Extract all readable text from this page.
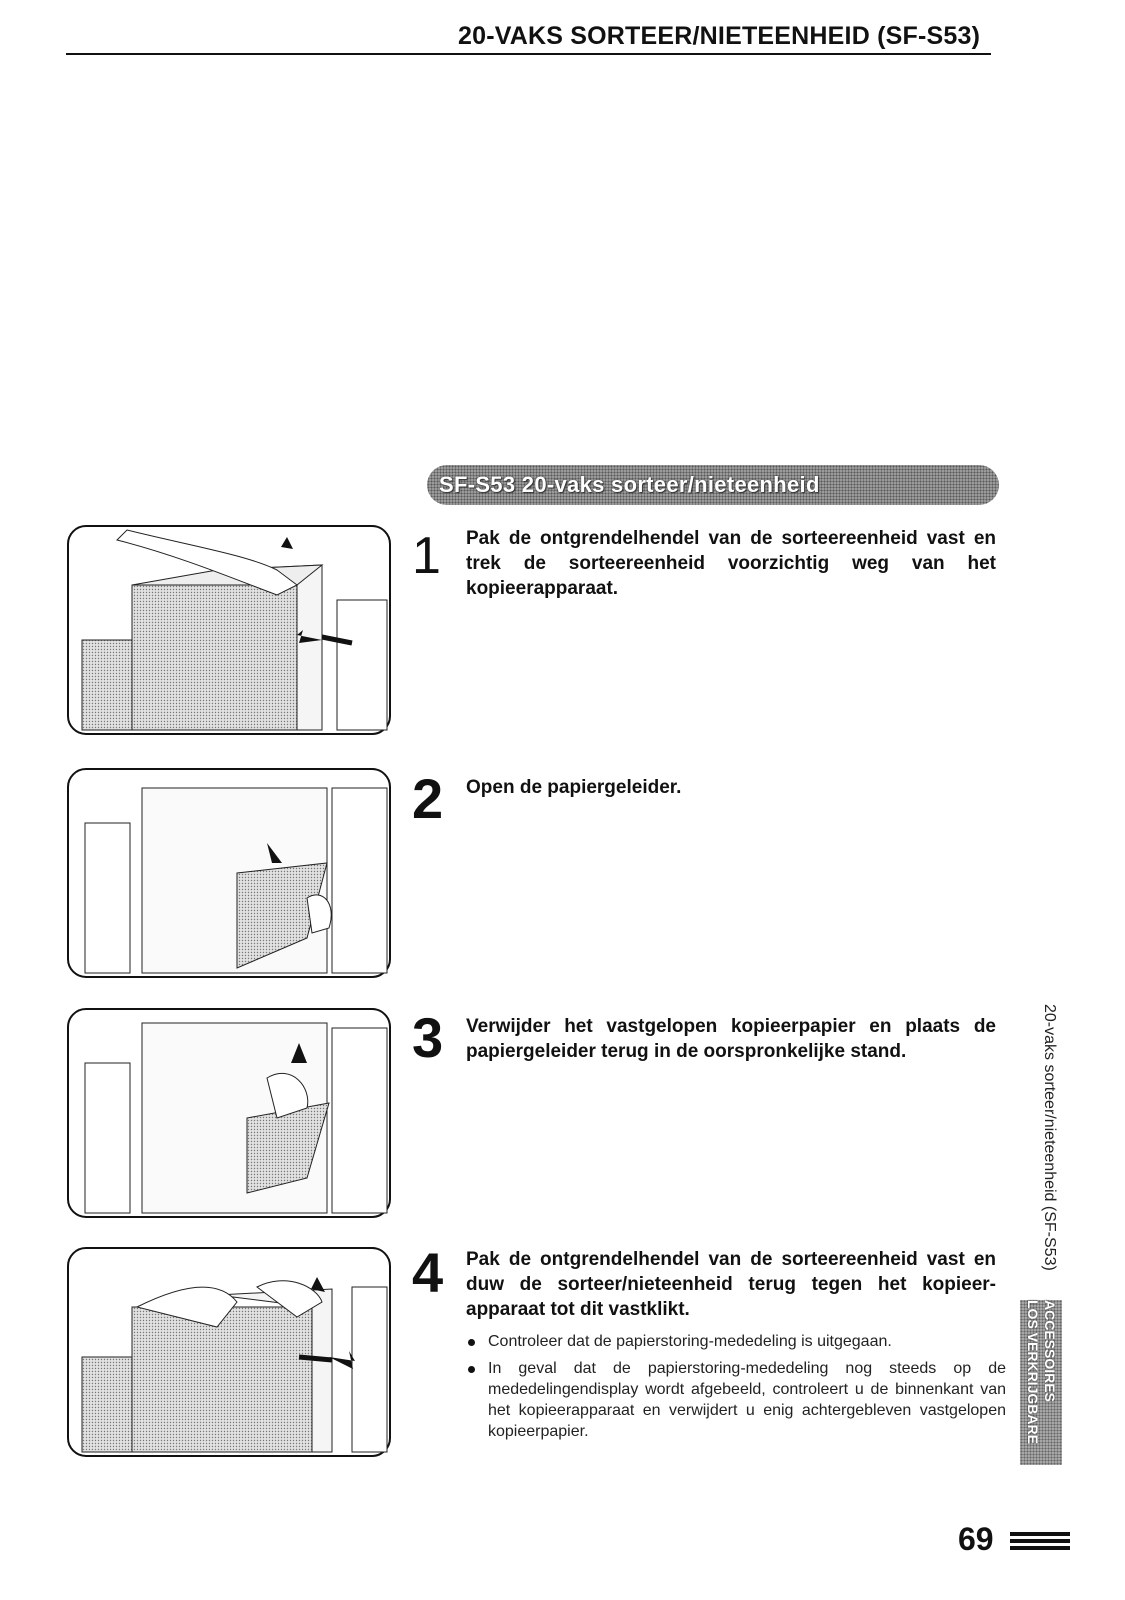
20-VAKS SORTEER/NIETEENHEID (SF-S53)
SF-S53 20-vaks sorteer/nieteenheid
1 Pak de ontgrendelhendel van de sorteereenheid vast en trek de sorteereenheid voorzichtig weg van het kopieerapparaat.
2 Open de papiergeleider.
3 Verwijder het vastgelopen kopieerpapier en plaats de papiergeleider terug in de oorspronkelijke stand.
4 Pak de ontgrendelhendel van de sorteereenheid vast en duw de sorteer/nieteenheid terug tegen het kopieer-apparaat tot dit vastklikt.
Controleer dat de papierstoring-mededeling is uitgegaan.
In geval dat de papierstoring-mededeling nog steeds op de mededelingendisplay wordt afgebeeld, controleert u de binnenkant van het kopieerapparaat en verwijdert u enig achtergebleven vastgelopen kopieerpapier.
20-vaks sorteer/nieteenheid (SF-S53)
LOS VERKRIJGBARE ACCESSOIRES
69
